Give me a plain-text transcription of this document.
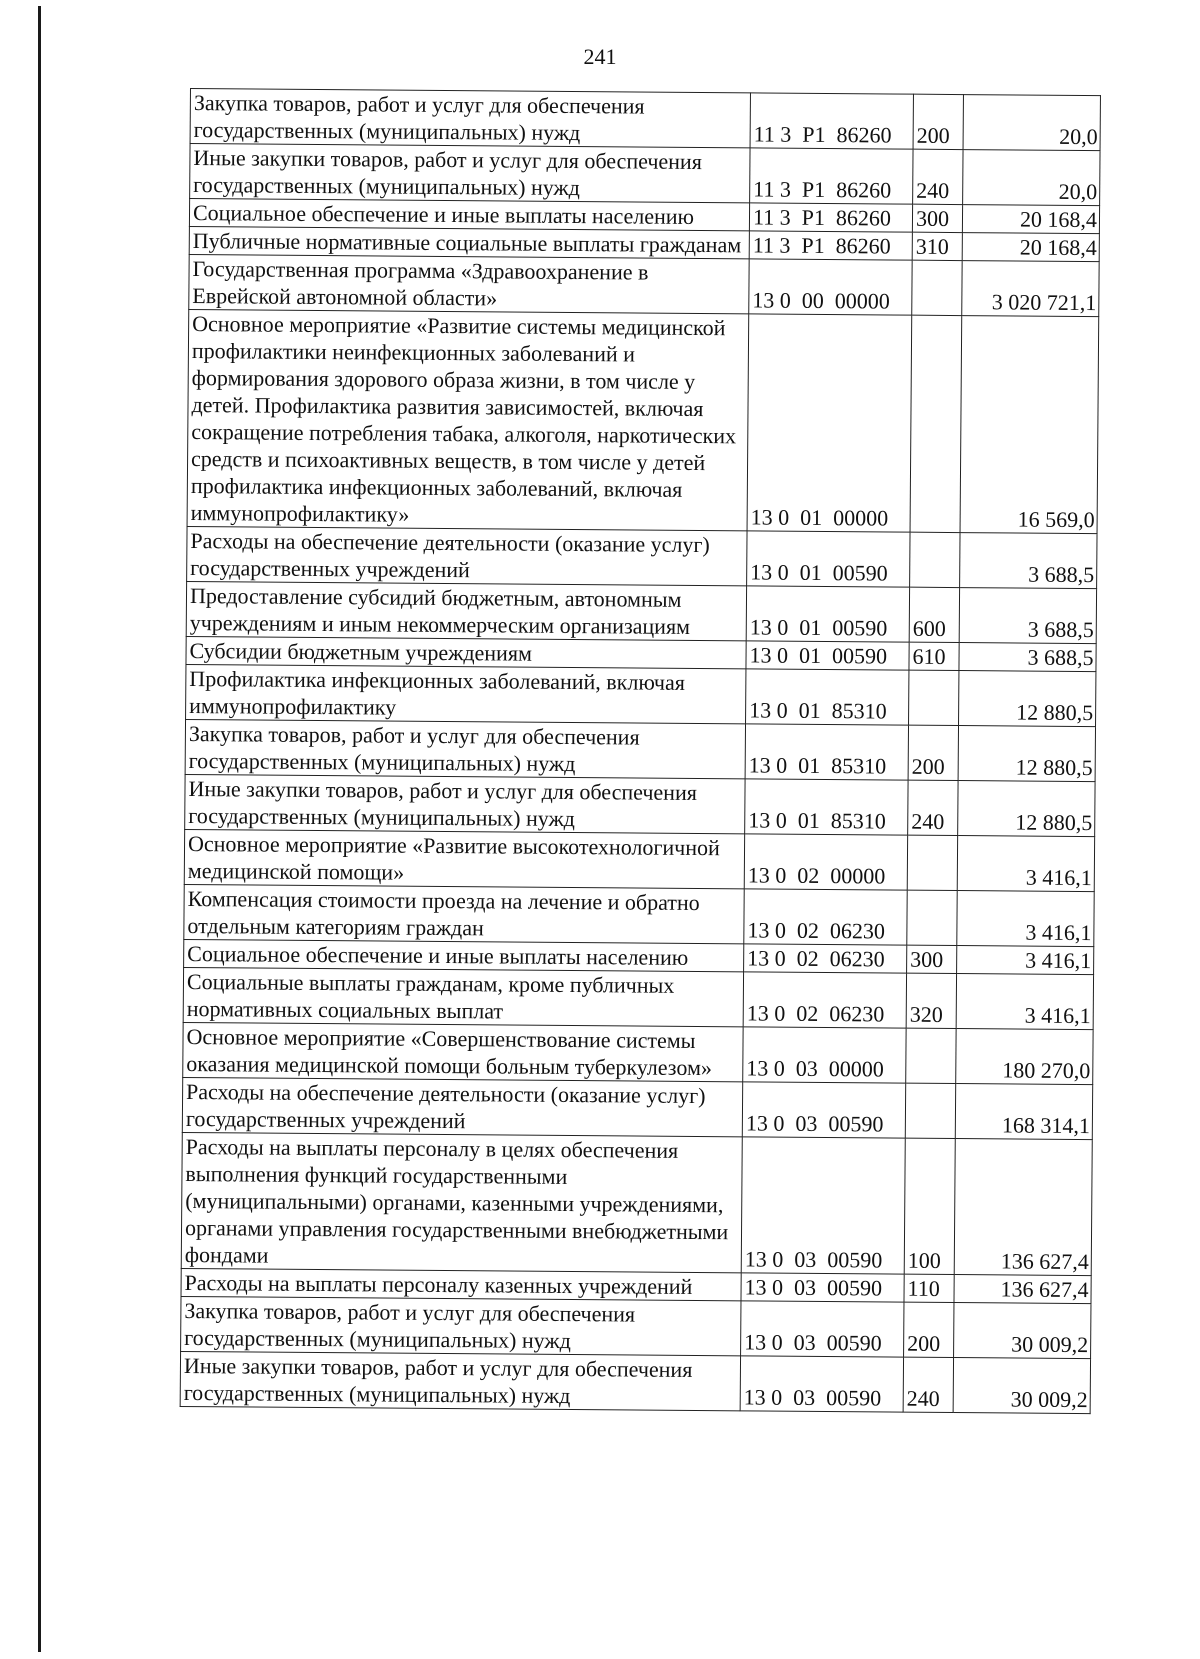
241
Закупка товаров, работ и услуг для обеспечения государственных (муниципальных) нужд	11 3  Р1  86260	200	20,0
Иные закупки товаров, работ и услуг для обеспечения государственных (муниципальных) нужд	11 3  Р1  86260	240	20,0
Социальное обеспечение и иные выплаты населению	11 3  Р1  86260	300	20 168,4
Публичные нормативные социальные выплаты гражданам	11 3  Р1  86260	310	20 168,4
Государственная программа «Здравоохранение в Еврейской автономной области»	13 0  00  00000		3 020 721,1
Основное мероприятие «Развитие системы медицинской профилактики неинфекционных заболеваний и формирования здорового образа жизни, в том числе у детей. Профилактика развития зависимостей, включая сокращение потребления табака, алкоголя, наркотических средств и психоактивных веществ, в том числе у детей профилактика инфекционных заболеваний, включая иммунопрофилактику»	13 0  01  00000		16 569,0
Расходы на обеспечение деятельности (оказание услуг) государственных учреждений	13 0  01  00590		3 688,5
Предоставление субсидий бюджетным, автономным учреждениям и иным некоммерческим организациям	13 0  01  00590	600	3 688,5
Субсидии бюджетным учреждениям	13 0  01  00590	610	3 688,5
Профилактика инфекционных заболеваний, включая иммунопрофилактику	13 0  01  85310		12 880,5
Закупка товаров, работ и услуг для обеспечения государственных (муниципальных) нужд	13 0  01  85310	200	12 880,5
Иные закупки товаров, работ и услуг для обеспечения государственных (муниципальных) нужд	13 0  01  85310	240	12 880,5
Основное мероприятие «Развитие высокотехнологичной медицинской помощи»	13 0  02  00000		3 416,1
Компенсация стоимости проезда на лечение и обратно отдельным категориям граждан	13 0  02  06230		3 416,1
Социальное обеспечение и иные выплаты населению	13 0  02  06230	300	3 416,1
Социальные выплаты гражданам, кроме публичных нормативных социальных выплат	13 0  02  06230	320	3 416,1
Основное мероприятие «Совершенствование системы оказания медицинской помощи больным туберкулезом»	13 0  03  00000		180 270,0
Расходы на обеспечение деятельности (оказание услуг) государственных учреждений	13 0  03  00590		168 314,1
Расходы на выплаты персоналу в целях обеспечения выполнения функций государственными (муниципальными) органами, казенными учреждениями, органами управления государственными внебюджетными фондами	13 0  03  00590	100	136 627,4
Расходы на выплаты персоналу казенных учреждений	13 0  03  00590	110	136 627,4
Закупка товаров, работ и услуг для обеспечения государственных (муниципальных) нужд	13 0  03  00590	200	30 009,2
Иные закупки товаров, работ и услуг для обеспечения государственных (муниципальных) нужд	13 0  03  00590	240	30 009,2
